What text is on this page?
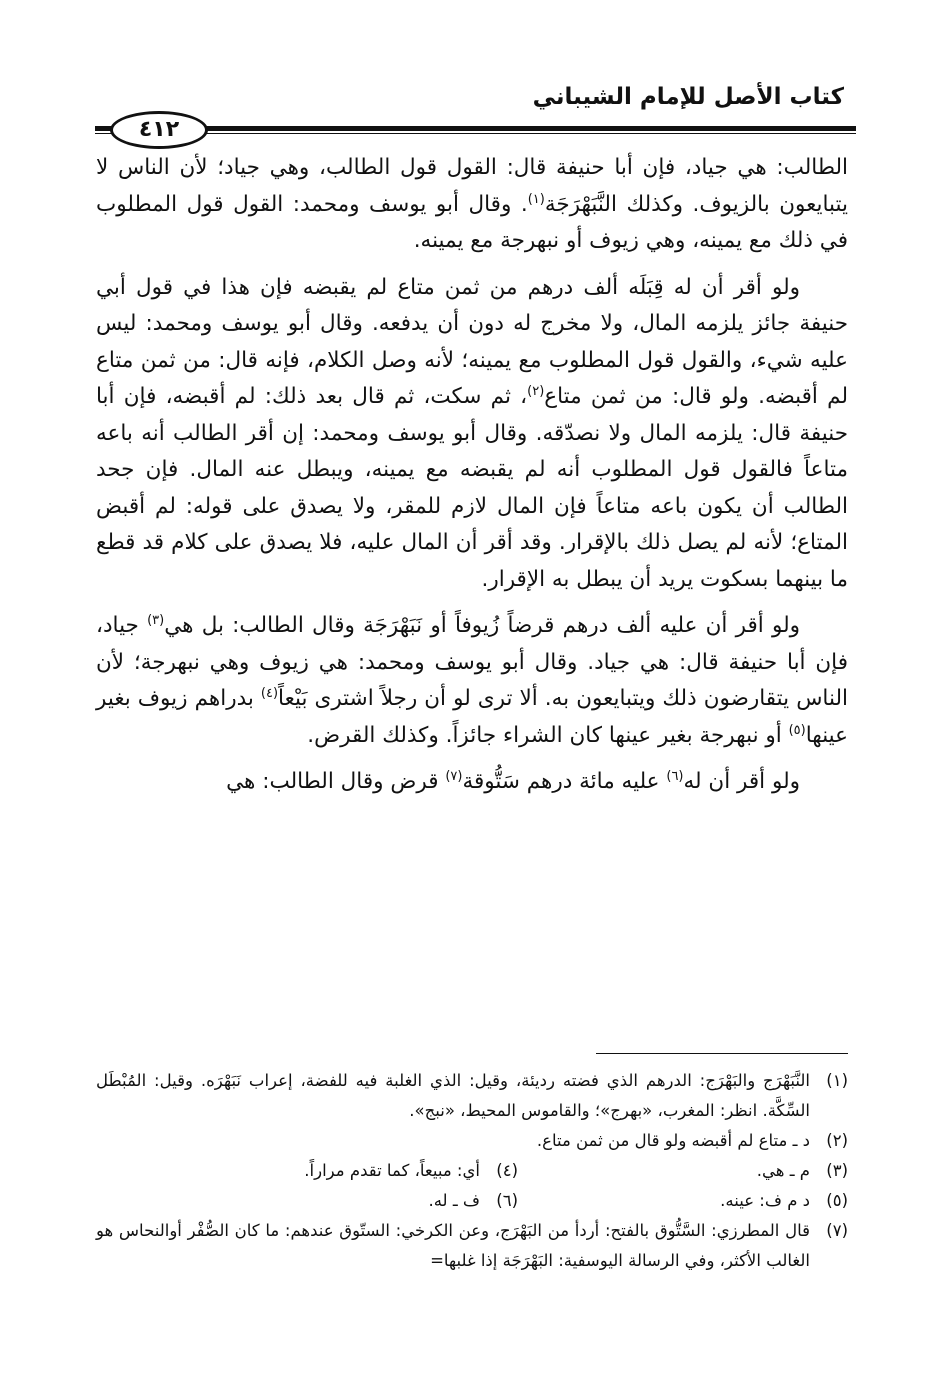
كتاب الأصل للإمام الشيباني
٤١٢

الطالب: هي جياد، فإن أبا حنيفة قال: القول قول الطالب، وهي جياد؛ لأن الناس لا يتبايعون بالزيوف. وكذلك النَّبَهْرَجَة$^{(١)}$. وقال أبو يوسف ومحمد: القول قول المطلوب في ذلك مع يمينه، وهي زيوف أو نبهرجة مع يمينه.

ولو أقر أن له قِبَلَه ألف درهم من ثمن متاع لم يقبضه فإن هذا في قول أبي حنيفة جائز يلزمه المال، ولا مخرج له دون أن يدفعه. وقال أبو يوسف ومحمد: ليس عليه شيء، والقول قول المطلوب مع يمينه؛ لأنه وصل الكلام، فإنه قال: من ثمن متاع لم أقبضه. ولو قال: من ثمن متاع$^{(٢)}$، ثم سكت، ثم قال بعد ذلك: لم أقبضه، فإن أبا حنيفة قال: يلزمه المال ولا نصدّقه. وقال أبو يوسف ومحمد: إن أقر الطالب أنه باعه متاعاً فالقول قول المطلوب أنه لم يقبضه مع يمينه، ويبطل عنه المال. فإن جحد الطالب أن يكون باعه متاعاً فإن المال لازم للمقر، ولا يصدق على قوله: لم أقبض المتاع؛ لأنه لم يصل ذلك بالإقرار. وقد أقر أن المال عليه، فلا يصدق على كلام قد قطع ما بينهما بسكوت يريد أن يبطل به الإقرار.

ولو أقر أن عليه ألف درهم قرضاً زُيوفاً أو نَبَهْرَجَة وقال الطالب: بل هي$^{(٣)}$ جياد، فإن أبا حنيفة قال: هي جياد. وقال أبو يوسف ومحمد: هي زيوف وهي نبهرجة؛ لأن الناس يتقارضون ذلك ويتبايعون به. ألا ترى لو أن رجلاً اشترى بَيْعاً$^{(٤)}$ بدراهم زيوف بغير عينها$^{(٥)}$ أو نبهرجة بغير عينها كان الشراء جائزاً. وكذلك القرض.

ولو أقر أن له$^{(٦)}$ عليه مائة درهم سَتُّوقة$^{(٧)}$ قرض وقال الطالب: هي

(١)
النَّبَهْرَج والبَهْرَج: الدرهم الذي فضته رديئة، وقيل: الذي الغلبة فيه للفضة، إعراب نَبَهْرَه. وقيل: المُبْطَل السِّكَّة. انظر: المغرب، «بهرج»؛ والقاموس المحيط، «نبج».
(٢)
د ـ متاع لم أقبضه ولو قال من ثمن متاع.
(٣)
م ـ هي.
(٤)
أي: مبيعاً، كما تقدم مراراً.
(٥)
د م ف: عينه.
(٦)
ف ـ له.
(٧)
قال المطرزي: السَّتُّوق بالفتح: أردأ من البَهْرَج، وعن الكرخي: الستّوق عندهم: ما كان الصُّفْر أوالنحاس هو الغالب الأكثر، وفي الرسالة اليوسفية: البَهْرَجَة إذا غلبها=
